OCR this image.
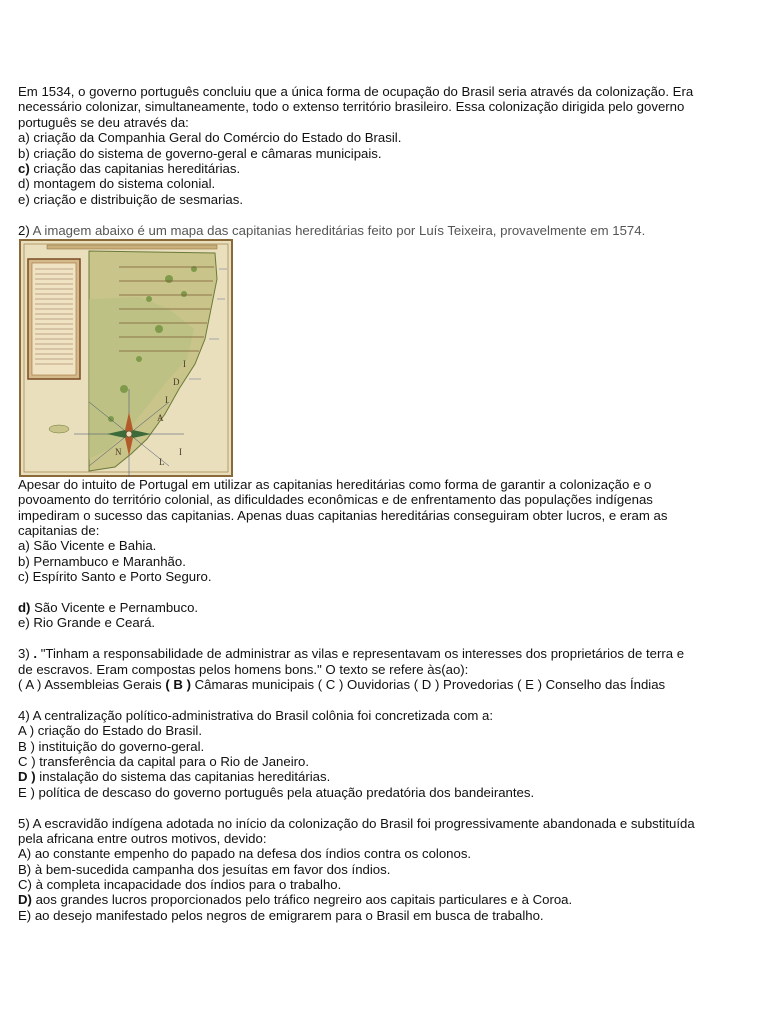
Em 1534, o governo português concluiu que a única forma de ocupação do Brasil seria através da colonização. Era
necessário colonizar, simultaneamente, todo o extenso território brasileiro. Essa colonização dirigida pelo governo
português se deu através da:
a) criação da Companhia Geral do Comércio do Estado do Brasil.
b) criação do sistema de governo-geral e câmaras municipais.
c) criação das capitanias hereditárias.
d) montagem do sistema colonial.
e) criação e distribuição de sesmarias.
2) A imagem abaixo é um mapa das capitanias hereditárias feito por Luís Teixeira, provavelmente em 1574.
I
D
I
A
N	I
L
Apesar do intuito de Portugal em utilizar as capitanias hereditárias como forma de garantir a colonização e o
povoamento do território colonial, as dificuldades econômicas e de enfrentamento das populações indígenas
impediram o sucesso das capitanias. Apenas duas capitanias hereditárias conseguiram obter lucros, e eram as
capitanias de:
a) São Vicente e Bahia.
b) Pernambuco e Maranhão.
c) Espírito Santo e Porto Seguro.
d) São Vicente e Pernambuco.
e) Rio Grande e Ceará.
3) . "Tinham a responsabilidade de administrar as vilas e representavam os interesses dos proprietários de terra e
de escravos. Eram compostas pelos homens bons." O texto se refere às(ao):
( A ) Assembleias Gerais ( B ) Câmaras municipais ( C ) Ouvidorias ( D ) Provedorias ( E ) Conselho das Índias
4) A centralização político-administrativa do Brasil colônia foi concretizada com a:
A ) criação do Estado do Brasil.
B ) instituição do governo-geral.
C ) transferência da capital para o Rio de Janeiro.
D ) instalação do sistema das capitanias hereditárias.
E ) política de descaso do governo português pela atuação predatória dos bandeirantes.
5) A escravidão indígena adotada no início da colonização do Brasil foi progressivamente abandonada e substituída
pela africana entre outros motivos, devido:
A) ao constante empenho do papado na defesa dos índios contra os colonos.
B) à bem-sucedida campanha dos jesuítas em favor dos índios.
C) à completa incapacidade dos índios para o trabalho.
D) aos grandes lucros proporcionados pelo tráfico negreiro aos capitais particulares e à Coroa.
E) ao desejo manifestado pelos negros de emigrarem para o Brasil em busca de trabalho.
